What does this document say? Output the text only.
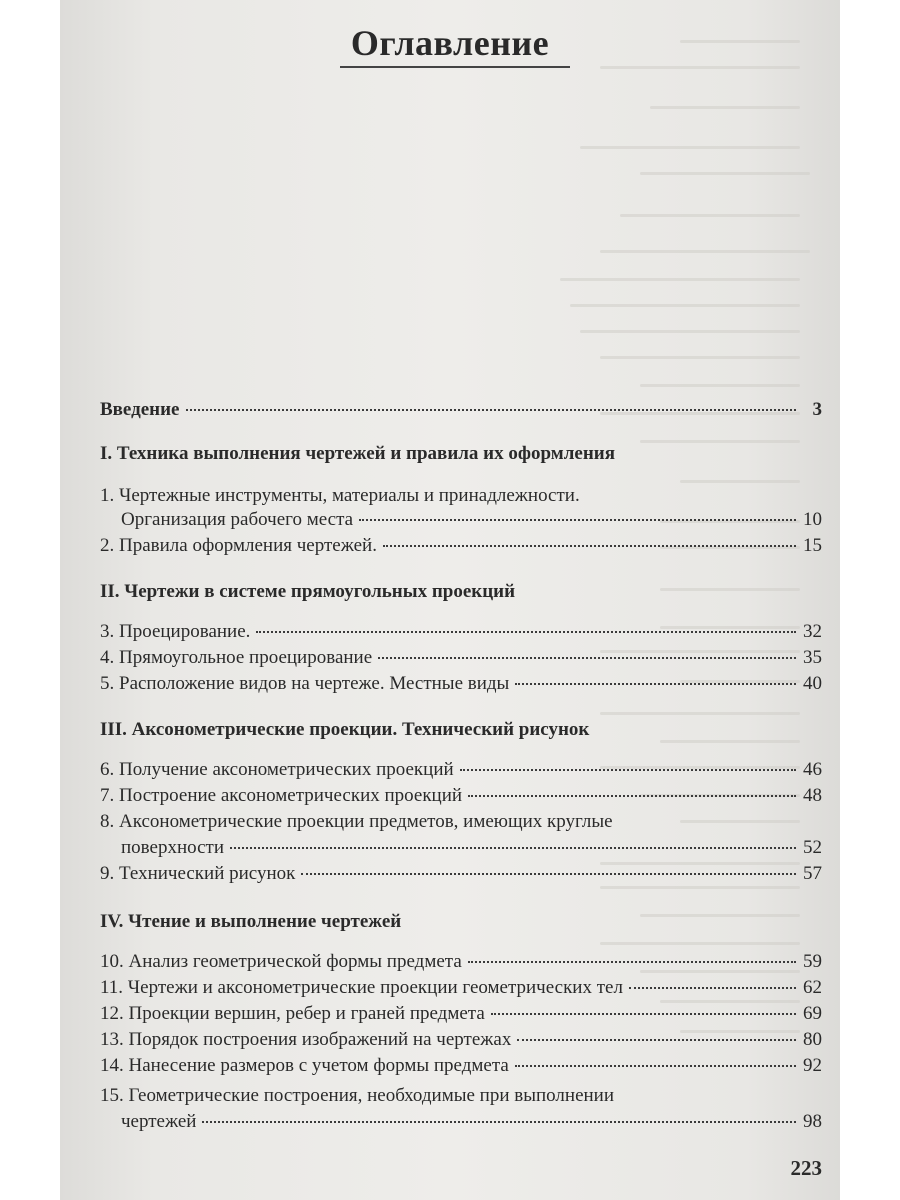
Оглавление
Введение	3
I. Техника выполнения чертежей и правила их оформления
1. Чертежные инструменты, материалы и принадлежности.
Организация рабочего места	10
2. Правила оформления чертежей.	15
II. Чертежи в системе прямоугольных проекций
3. Проецирование.	32
4. Прямоугольное проецирование	35
5. Расположение видов на чертеже. Местные виды	40
III. Аксонометрические проекции. Технический рисунок
6. Получение аксонометрических проекций	46
7. Построение аксонометрических проекций	48
8. Аксонометрические проекции предметов, имеющих круглые
поверхности	52
9. Технический рисунок	57
IV. Чтение и выполнение чертежей
10. Анализ геометрической формы предмета	59
11. Чертежи и аксонометрические проекции геометрических тел	62
12. Проекции вершин, ребер и граней предмета	69
13. Порядок построения изображений на чертежах	80
14. Нанесение размеров с учетом формы предмета	92
15. Геометрические построения, необходимые при выполнении
чертежей	98
223
